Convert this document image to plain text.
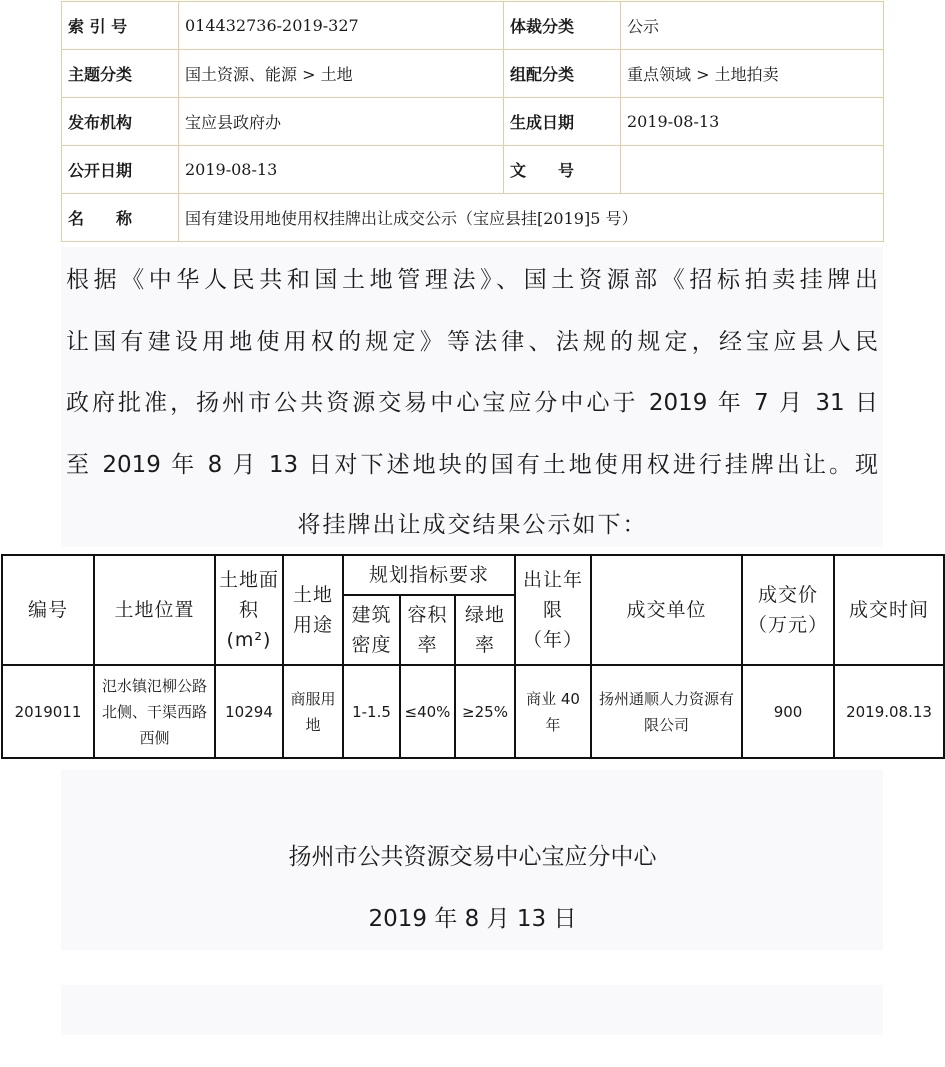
索 引 号	014432736-2019-327	体裁分类	公示
主题分类	国土资源、能源 > 土地	组配分类	重点领域 > 土地拍卖
发布机构	宝应县政府办	生成日期	2019-08-13
公开日期	2019-08-13	文　　号	
名　　称	国有建设用地使用权挂牌出让成交公示（宝应县挂[2019]5 号）		
根据《中华人民共和国土地管理法》、国土资源部《招标拍卖挂牌出
让国有建设用地使用权的规定》等法律、法规的规定，经宝应县人民
政府批准，扬州市公共资源交易中心宝应分中心于 2019 年 7 月 31 日
至 2019 年 8 月 13 日对下述地块的国有土地使用权进行挂牌出让。现
将挂牌出让成交结果公示如下：
编号	土地位置	土地面积(m²)	土地用途	规划指标要求			出让年限（年）	成交单位	成交价（万元）	成交时间
				建筑密度	容积率	绿地率				
2019011	氾水镇氾柳公路北侧、干渠西路西侧	10294	商服用地	1-1.5	≤40%	≥25%	商业 40 年	扬州通顺人力资源有限公司	900	2019.08.13
扬州市公共资源交易中心宝应分中心
2019 年 8 月 13 日
